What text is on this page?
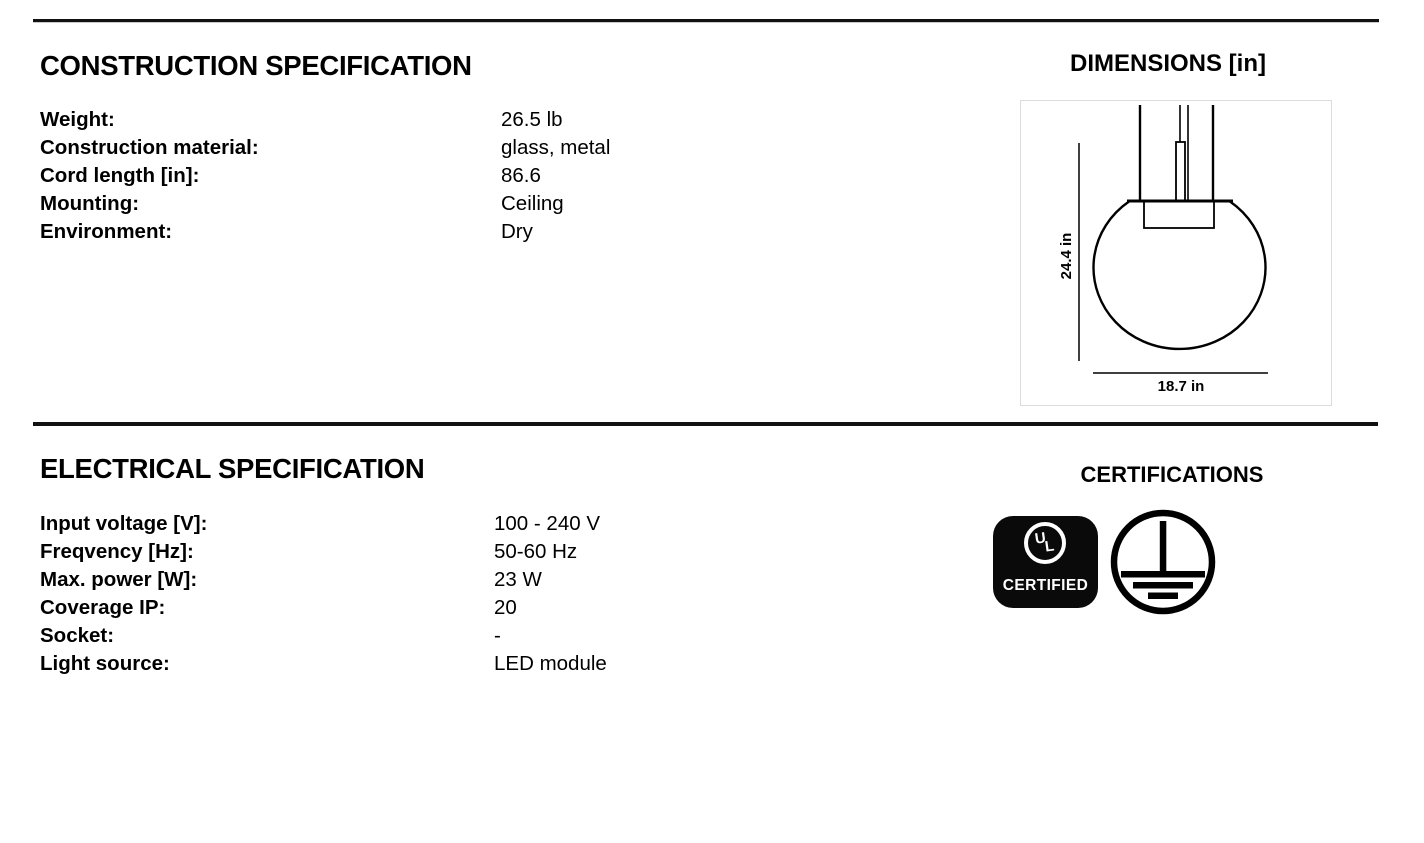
CONSTRUCTION SPECIFICATION
Weight:	26.5 lb
Construction material:	glass, metal
Cord length [in]:	86.6
Mounting:	Ceiling
Environment:	Dry
DIMENSIONS [in]
24.4 in
18.7 in
ELECTRICAL SPECIFICATION
Input voltage [V]:	100 - 240 V
Freqvency [Hz]:	50-60 Hz
Max. power [W]:	23 W
Coverage IP:	20
Socket:	-
Light source:	LED module
CERTIFICATIONS
U
L
CERTIFIED
